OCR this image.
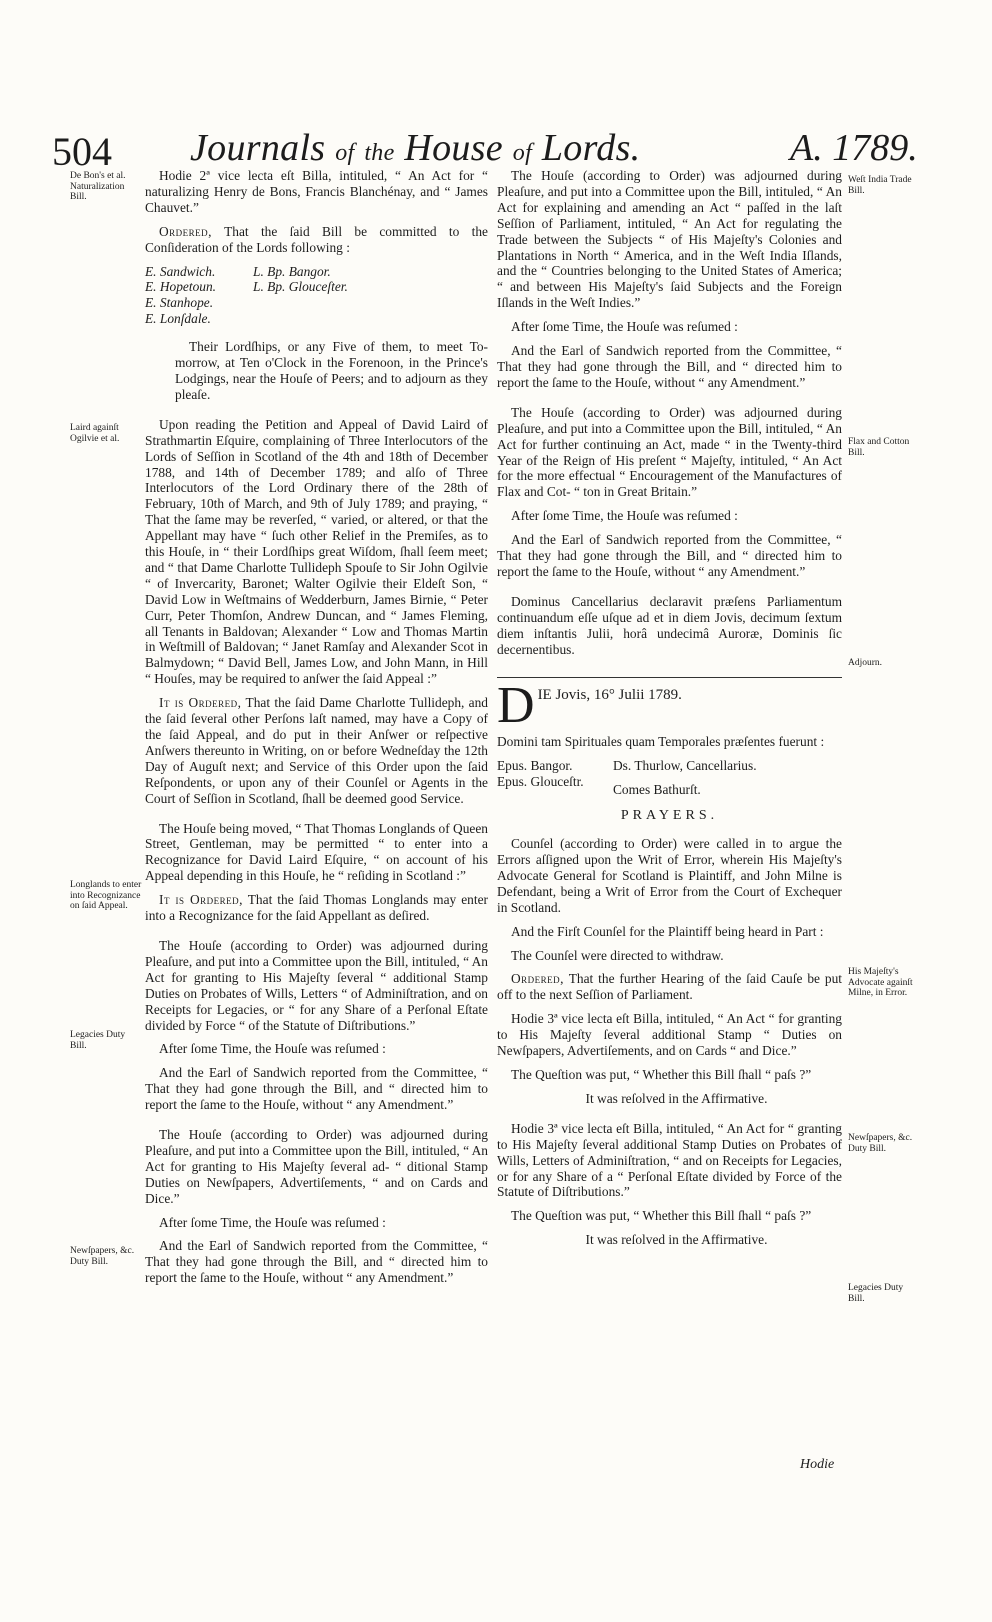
504 Journals of the House of Lords.	A. 1789.
De Bon's et al. Naturalization Bill.
Laird againſt Ogilvie et al.
Longlands to enter into Recognizance on ſaid Appeal.
Legacies Duty Bill.
Newſpapers, &c. Duty Bill.
Weſt India Trade Bill.
Flax and Cotton Bill.
Adjourn.
His Majeſty's Advocate againſt Milne, in Error.
Newſpapers, &c. Duty Bill.
Legacies Duty Bill.

Hodie 2ª vice lecta eſt Billa, intituled, “ An Act for “ naturalizing Henry de Bons, Francis Blanchénay, and “ James Chauvet.”

Ordered, That the ſaid Bill be committed to the Conſideration of the Lords following :

E. Sandwich.
E. Hopetoun.
E. Stanhope.
E. Lonſdale.
L. Bp. Bangor.
L. Bp. Glouceſter.

Their Lordſhips, or any Five of them, to meet To-morrow, at Ten o'Clock in the Forenoon, in the Prince's Lodgings, near the Houſe of Peers; and to adjourn as they pleaſe.

Upon reading the Petition and Appeal of David Laird of Strathmartin Eſquire, complaining of Three Interlocutors of the Lords of Seſſion in Scotland of the 4th and 18th of December 1788, and 14th of December 1789; and alſo of Three Interlocutors of the Lord Ordinary there of the 28th of February, 10th of March, and 9th of July 1789; and praying, “ That the ſame may be reverſed, “ varied, or altered, or that the Appellant may have “ ſuch other Relief in the Premiſes, as to this Houſe, in “ their Lordſhips great Wiſdom, ſhall ſeem meet; and “ that Dame Charlotte Tullideph Spouſe to Sir John Ogilvie “ of Invercarity, Baronet; Walter Ogilvie their Eldeſt Son, “ David Low in Weſtmains of Wedderburn, James Birnie, “ Peter Curr, Peter Thomſon, Andrew Duncan, and “ James Fleming, all Tenants in Baldovan; Alexander “ Low and Thomas Martin in Weſtmill of Baldovan; “ Janet Ramſay and Alexander Scot in Balmydown; “ David Bell, James Low, and John Mann, in Hill “ Houſes, may be required to anſwer the ſaid Appeal :”

It is Ordered, That the ſaid Dame Charlotte Tullideph, and the ſaid ſeveral other Perſons laſt named, may have a Copy of the ſaid Appeal, and do put in their Anſwer or reſpective Anſwers thereunto in Writing, on or before Wedneſday the 12th Day of Auguſt next; and Service of this Order upon the ſaid Reſpondents, or upon any of their Counſel or Agents in the Court of Seſſion in Scotland, ſhall be deemed good Service.

The Houſe being moved, “ That Thomas Longlands of Queen Street, Gentleman, may be permitted “ to enter into a Recognizance for David Laird Eſquire, “ on account of his Appeal depending in this Houſe, he “ reſiding in Scotland :”

It is Ordered, That the ſaid Thomas Longlands may enter into a Recognizance for the ſaid Appellant as deſired.

The Houſe (according to Order) was adjourned during Pleaſure, and put into a Committee upon the Bill, intituled, “ An Act for granting to His Majeſty ſeveral “ additional Stamp Duties on Probates of Wills, Letters “ of Adminiſtration, and on Receipts for Legacies, or “ for any Share of a Perſonal Eſtate divided by Force “ of the Statute of Diſtributions.”

After ſome Time, the Houſe was reſumed :

And the Earl of Sandwich reported from the Committee, “ That they had gone through the Bill, and “ directed him to report the ſame to the Houſe, without “ any Amendment.”

The Houſe (according to Order) was adjourned during Pleaſure, and put into a Committee upon the Bill, intituled, “ An Act for granting to His Majeſty ſeveral ad- “ ditional Stamp Duties on Newſpapers, Advertiſements, “ and on Cards and Dice.”

After ſome Time, the Houſe was reſumed :

And the Earl of Sandwich reported from the Committee, “ That they had gone through the Bill, and “ directed him to report the ſame to the Houſe, without “ any Amendment.”

The Houſe (according to Order) was adjourned during Pleaſure, and put into a Committee upon the Bill, intituled, “ An Act for explaining and amending an Act “ paſſed in the laſt Seſſion of Parliament, intituled, “ An Act for regulating the Trade between the Subjects “ of His Majeſty's Colonies and Plantations in North “ America, and in the Weſt India Iſlands, and the “ Countries belonging to the United States of America; “ and between His Majeſty's ſaid Subjects and the Foreign Iſlands in the Weſt Indies.”

After ſome Time, the Houſe was reſumed :

And the Earl of Sandwich reported from the Committee, “ That they had gone through the Bill, and “ directed him to report the ſame to the Houſe, without “ any Amendment.”

The Houſe (according to Order) was adjourned during Pleaſure, and put into a Committee upon the Bill, intituled, “ An Act for further continuing an Act, made “ in the Twenty-third Year of the Reign of His preſent “ Majeſty, intituled, “ An Act for the more effectual “ Encouragement of the Manufactures of Flax and Cot- “ ton in Great Britain.”

After ſome Time, the Houſe was reſumed :

And the Earl of Sandwich reported from the Committee, “ That they had gone through the Bill, and “ directed him to report the ſame to the Houſe, without “ any Amendment.”

Dominus Cancellarius declaravit præſens Parliamentum continuandum eſſe uſque ad et in diem Jovis, decimum ſextum diem inſtantis Julii, horâ undecimâ Auroræ, Dominis ſic decernentibus.

D IE Jovis, 16° Julii 1789.

Domini tam Spirituales quam Temporales præſentes fuerunt :

Epus. Bangor.
Epus. Glouceſtr.
Ds. Thurlow, Cancellarius.
Comes Bathurſt.
PRAYERS.

Counſel (according to Order) were called in to argue the Errors aſſigned upon the Writ of Error, wherein His Majeſty's Advocate General for Scotland is Plaintiff, and John Milne is Defendant, being a Writ of Error from the Court of Exchequer in Scotland.

And the Firſt Counſel for the Plaintiff being heard in Part :

The Counſel were directed to withdraw.

Ordered, That the further Hearing of the ſaid Cauſe be put off to the next Seſſion of Parliament.

Hodie 3ª vice lecta eſt Billa, intituled, “ An Act “ for granting to His Majeſty ſeveral additional Stamp “ Duties on Newſpapers, Advertiſements, and on Cards “ and Dice.”

The Queſtion was put, “ Whether this Bill ſhall “ paſs ?”

It was reſolved in the Affirmative.

Hodie 3ª vice lecta eſt Billa, intituled, “ An Act for “ granting to His Majeſty ſeveral additional Stamp Duties on Probates of Wills, Letters of Adminiſtration, “ and on Receipts for Legacies, or for any Share of a “ Perſonal Eſtate divided by Force of the Statute of Diſtributions.”

The Queſtion was put, “ Whether this Bill ſhall “ paſs ?”

It was reſolved in the Affirmative.

Hodie
